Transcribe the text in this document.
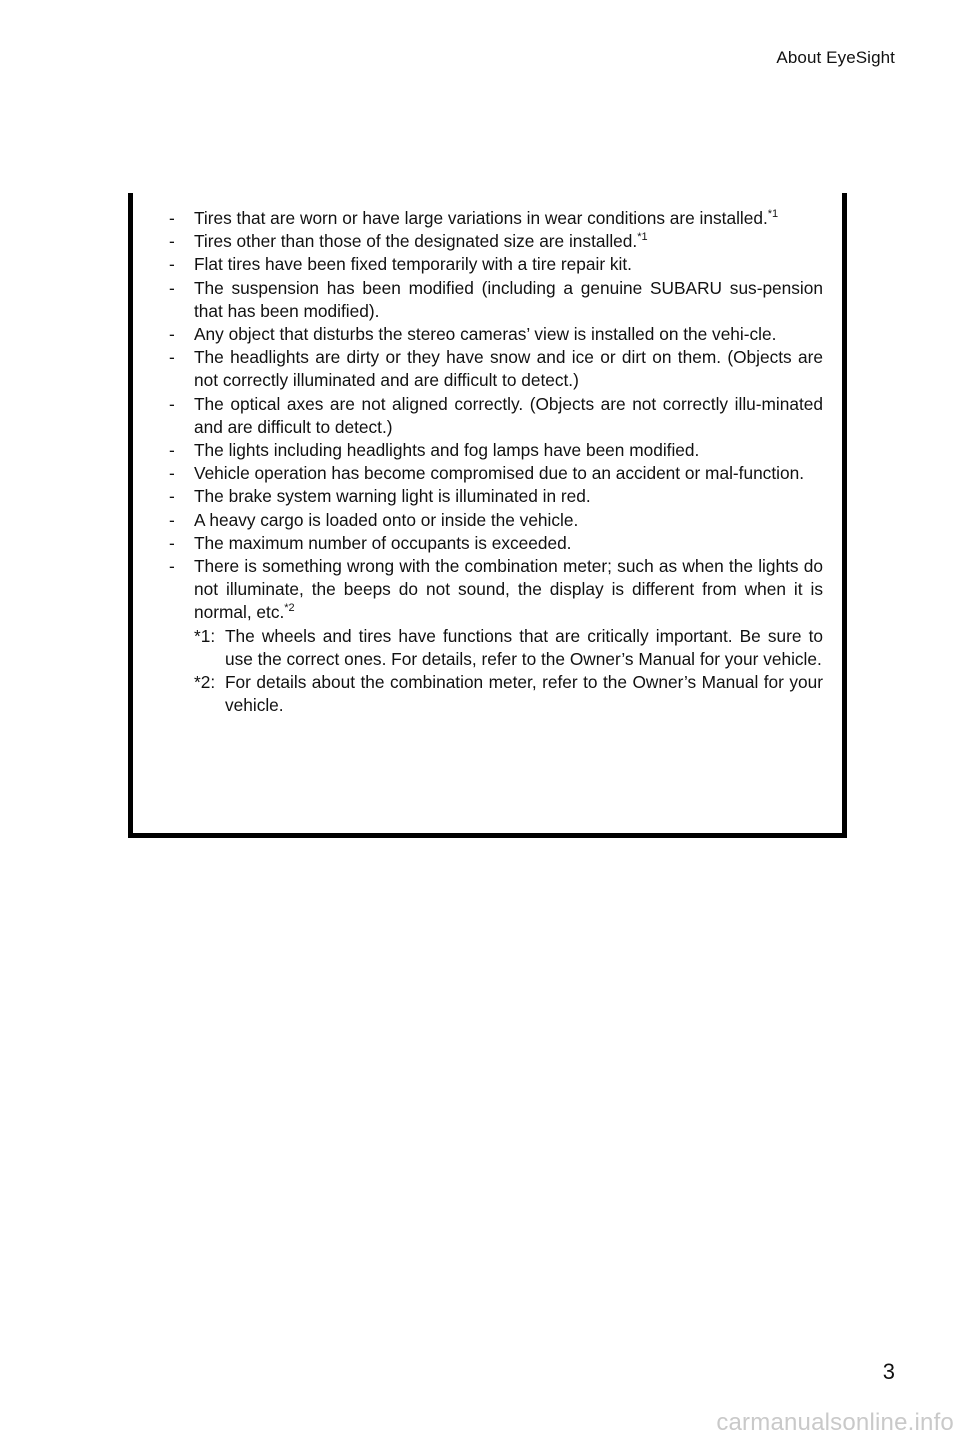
About EyeSight
- Tires that are worn or have large variations in wear conditions are installed.$^{*1}$
- Tires other than those of the designated size are installed.$^{*1}$
- Flat tires have been fixed temporarily with a tire repair kit.
- The suspension has been modified (including a genuine SUBARU sus-pension that has been modified).
- Any object that disturbs the stereo cameras’ view is installed on the vehi-cle.
- The headlights are dirty or they have snow and ice or dirt on them. (Objects are not correctly illuminated and are difficult to detect.)
- The optical axes are not aligned correctly. (Objects are not correctly illu-minated and are difficult to detect.)
- The lights including headlights and fog lamps have been modified.
- Vehicle operation has become compromised due to an accident or mal-function.
- The brake system warning light is illuminated in red.
- A heavy cargo is loaded onto or inside the vehicle.
- The maximum number of occupants is exceeded.
- There is something wrong with the combination meter; such as when the lights do not illuminate, the beeps do not sound, the display is different from when it is normal, etc.$^{*2}$
*1: The wheels and tires have functions that are critically important. Be sure to use the correct ones. For details, refer to the Owner’s Manual for your vehicle.
*2: For details about the combination meter, refer to the Owner’s Manual for your vehicle.
3
carmanualsonline.info
